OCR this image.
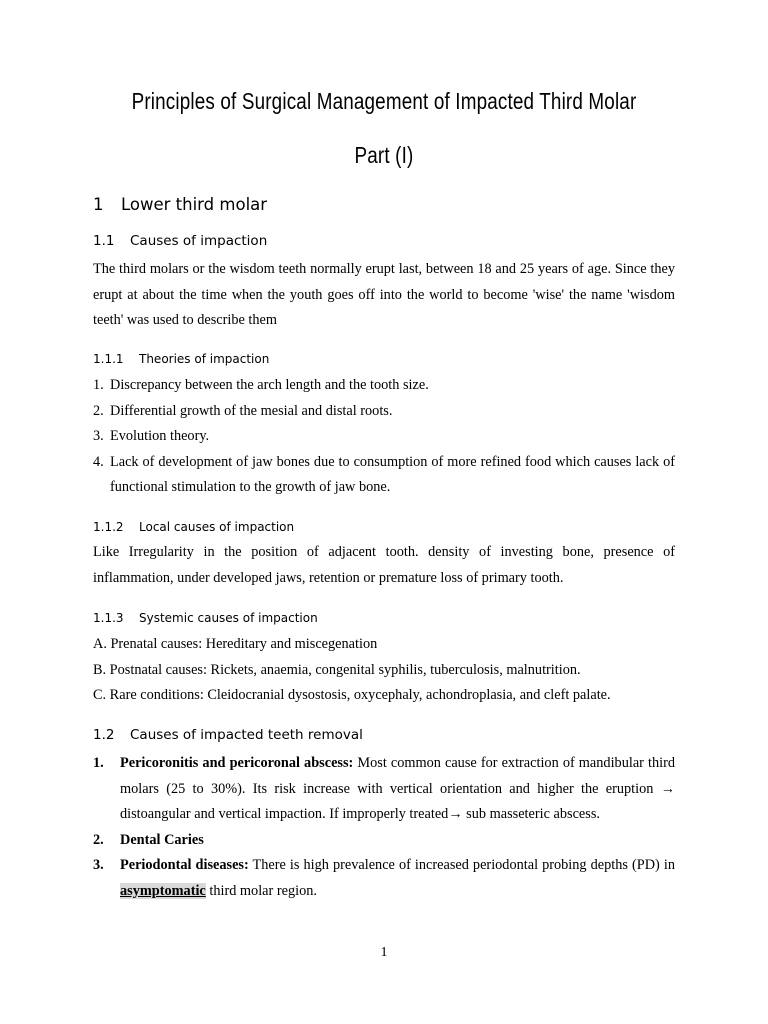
Principles of Surgical Management of Impacted Third Molar
Part (I)
1 Lower third molar
1.1 Causes of impaction
The third molars or the wisdom teeth normally erupt last, between 18 and 25 years of age. Since they erupt at about the time when the youth goes off into the world to become 'wise' the name 'wisdom teeth' was used to describe them
1.1.1 Theories of impaction
1. Discrepancy between the arch length and the tooth size.
2. Differential growth of the mesial and distal roots.
3. Evolution theory.
4. Lack of development of jaw bones due to consumption of more refined food which causes lack of functional stimulation to the growth of jaw bone.
1.1.2 Local causes of impaction
Like Irregularity in the position of adjacent tooth. density of investing bone, presence of inflammation, under developed jaws, retention or premature loss of primary tooth.
1.1.3 Systemic causes of impaction
A. Prenatal causes: Hereditary and miscegenation
B. Postnatal causes: Rickets, anaemia, congenital syphilis, tuberculosis, malnutrition.
C. Rare conditions: Cleidocranial dysostosis, oxycephaly, achondroplasia, and cleft palate.
1.2 Causes of impacted teeth removal
1. Pericoronitis and pericoronal abscess: Most common cause for extraction of mandibular third molars (25 to 30%). Its risk increase with vertical orientation and higher the eruption → distoangular and vertical impaction. If improperly treated→ sub masseteric abscess.
2. Dental Caries
3. Periodontal diseases: There is high prevalence of increased periodontal probing depths (PD) in asymptomatic third molar region.
1
